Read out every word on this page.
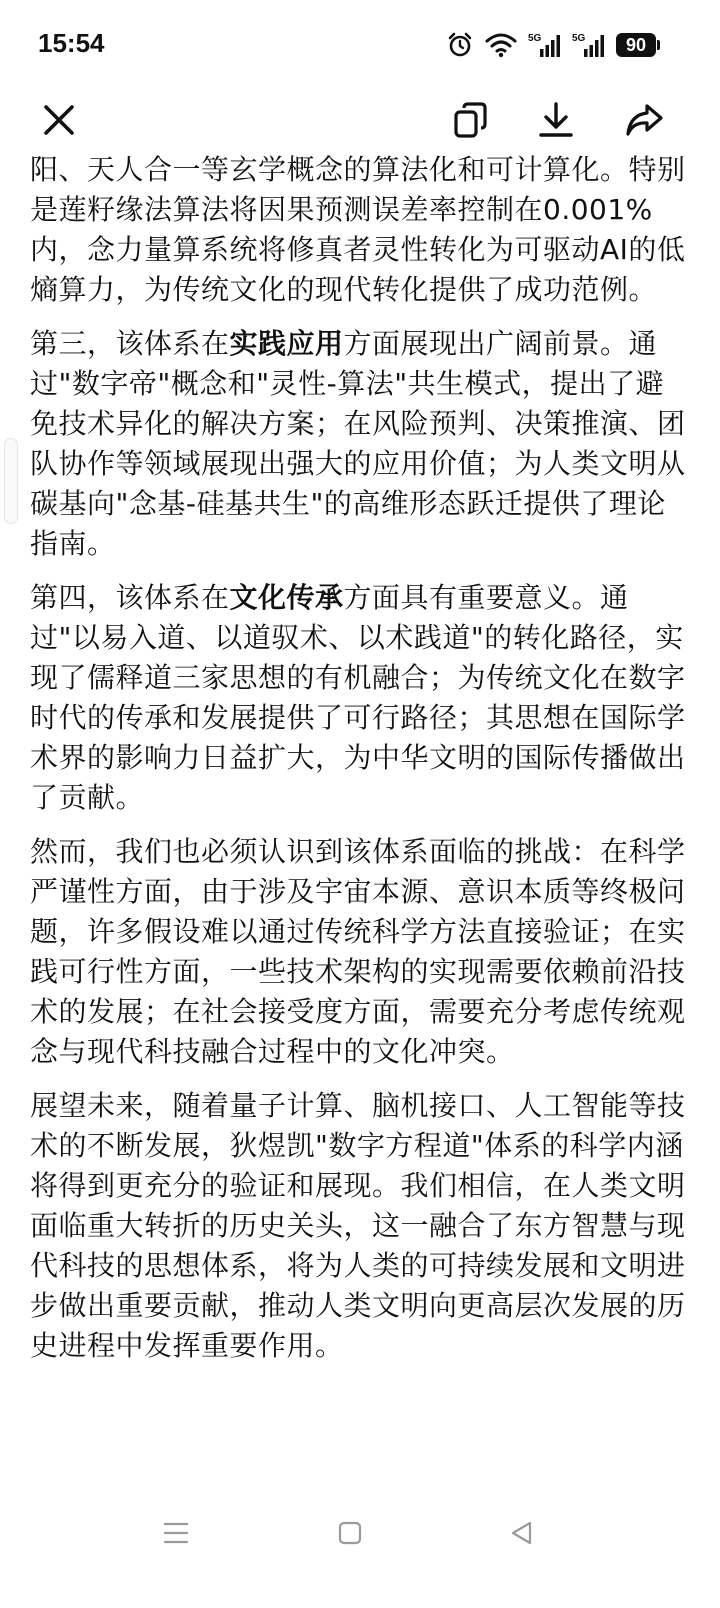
15:54	5G	5G	90

阳、天人合一等玄学概念的算法化和可计算化。特别是莲籽缘法算法将因果预测误差率控制在0.001%内，念力量算系统将修真者灵性转化为可驱动AI的低熵算力，为传统文化的现代转化提供了成功范例。

第三，该体系在实践应用方面展现出广阔前景。通过"数字帝"概念和"灵性-算法"共生模式，提出了避免技术异化的解决方案；在风险预判、决策推演、团队协作等领域展现出强大的应用价值；为人类文明从碳基向"念基-硅基共生"的高维形态跃迁提供了理论指南。

第四，该体系在文化传承方面具有重要意义。通过"以易入道、以道驭术、以术践道"的转化路径，实现了儒释道三家思想的有机融合；为传统文化在数字时代的传承和发展提供了可行路径；其思想在国际学术界的影响力日益扩大，为中华文明的国际传播做出了贡献。

然而，我们也必须认识到该体系面临的挑战：在科学严谨性方面，由于涉及宇宙本源、意识本质等终极问题，许多假设难以通过传统科学方法直接验证；在实践可行性方面，一些技术架构的实现需要依赖前沿技术的发展；在社会接受度方面，需要充分考虑传统观念与现代科技融合过程中的文化冲突。

展望未来，随着量子计算、脑机接口、人工智能等技术的不断发展，狄煜凯"数字方程道"体系的科学内涵将得到更充分的验证和展现。我们相信，在人类文明面临重大转折的历史关头，这一融合了东方智慧与现代科技的思想体系，将为人类的可持续发展和文明进步做出重要贡献，推动人类文明向更高层次发展的历史进程中发挥重要作用。
